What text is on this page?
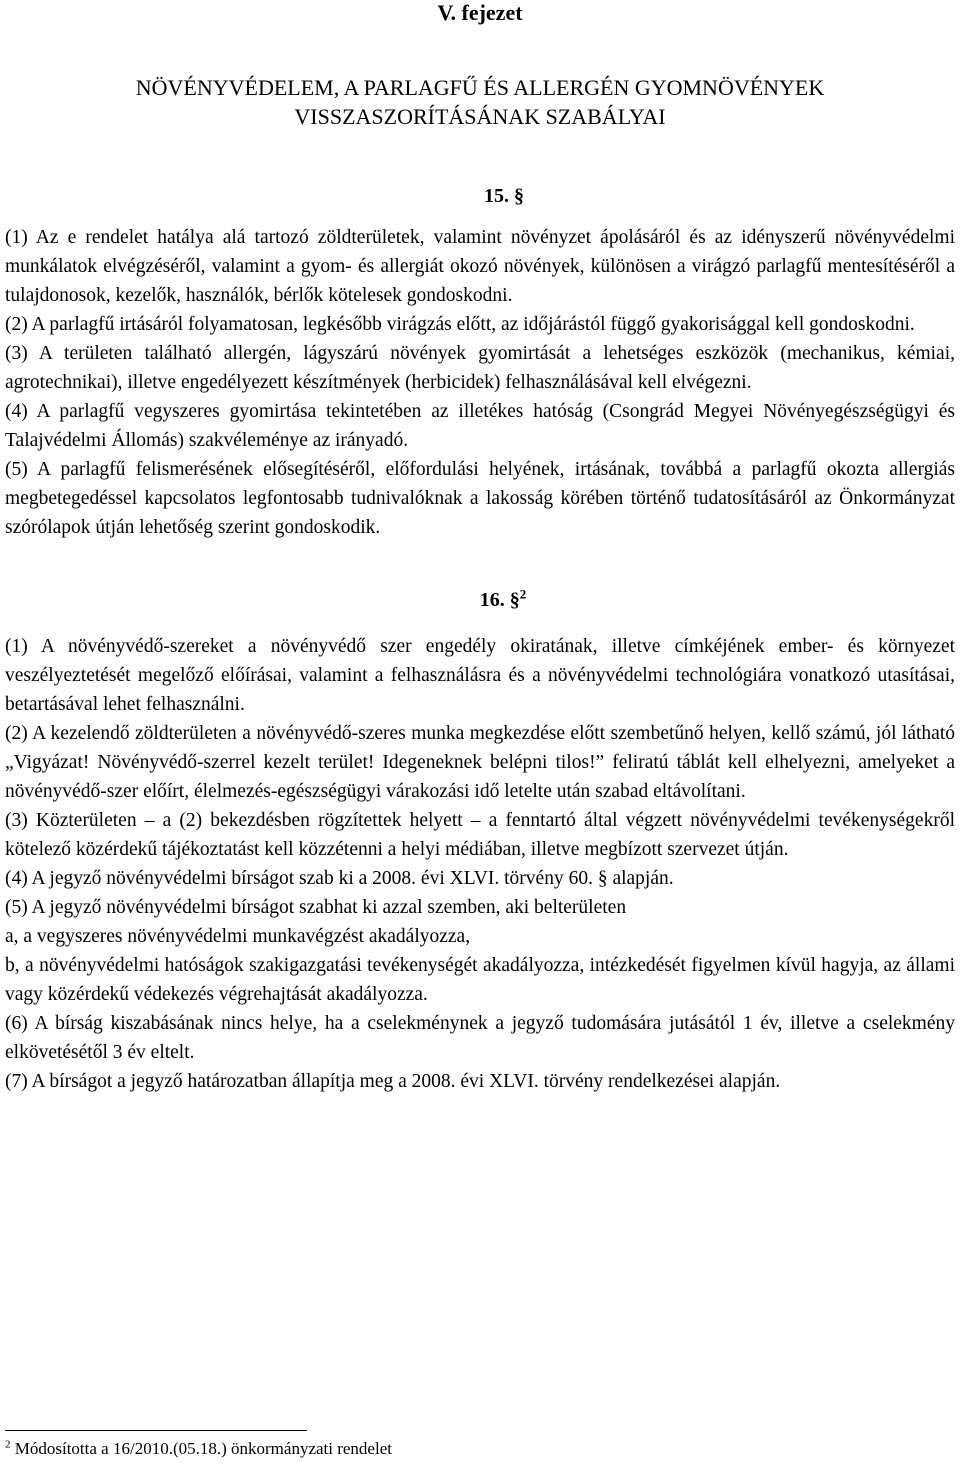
V. fejezet
NÖVÉNYVÉDELEM, A PARLAGFŰ ÉS ALLERGÉN GYOMNÖVÉNYEK
VISSZASZORÍTÁSÁNAK SZABÁLYAI
15. §

(1) Az e rendelet hatálya alá tartozó zöldterületek, valamint növényzet ápolásáról és az idényszerű növényvédelmi munkálatok elvégzéséről, valamint a gyom- és allergiát okozó növények, különösen a virágzó parlagfű mentesítéséről a tulajdonosok, kezelők, használók, bérlők kötelesek gondoskodni.

(2) A parlagfű irtásáról folyamatosan, legkésőbb virágzás előtt, az időjárástól függő gyakorisággal kell gondoskodni.

(3) A területen található allergén, lágyszárú növények gyomirtását a lehetséges eszközök (mechanikus, kémiai, agrotechnikai), illetve engedélyezett készítmények (herbicidek) felhasználásával kell elvégezni.

(4) A parlagfű vegyszeres gyomirtása tekintetében az illetékes hatóság (Csongrád Megyei Növényegészségügyi és Talajvédelmi Állomás) szakvéleménye az irányadó.

(5) A parlagfű felismerésének elősegítéséről, előfordulási helyének, irtásának, továbbá a parlagfű okozta allergiás megbetegedéssel kapcsolatos legfontosabb tudnivalóknak a lakosság körében történő tudatosításáról az Önkormányzat szórólapok útján lehetőség szerint gondoskodik.

16. §$^2$

(1) A növényvédő-szereket a növényvédő szer engedély okiratának, illetve címkéjének ember- és környezet veszélyeztetését megelőző előírásai, valamint a felhasználásra és a növényvédelmi technológiára vonatkozó utasításai, betartásával lehet felhasználni.

(2) A kezelendő zöldterületen a növényvédő-szeres munka megkezdése előtt szembetűnő helyen, kellő számú, jól látható „Vigyázat! Növényvédő-szerrel kezelt terület! Idegeneknek belépni tilos!” feliratú táblát kell elhelyezni, amelyeket a növényvédő-szer előírt, élelmezés-egészségügyi várakozási idő letelte után szabad eltávolítani.

(3) Közterületen – a (2) bekezdésben rögzítettek helyett – a fenntartó által végzett növényvédelmi tevékenységekről kötelező közérdekű tájékoztatást kell közzétenni a helyi médiában, illetve megbízott szervezet útján.

(4) A jegyző növényvédelmi bírságot szab ki a 2008. évi XLVI. törvény 60. § alapján.

(5) A jegyző növényvédelmi bírságot szabhat ki azzal szemben, aki belterületen

a, a vegyszeres növényvédelmi munkavégzést akadályozza,

b, a növényvédelmi hatóságok szakigazgatási tevékenységét akadályozza, intézkedését figyelmen kívül hagyja, az állami vagy közérdekű védekezés végrehajtását akadályozza.

(6) A bírság kiszabásának nincs helye, ha a cselekménynek a jegyző tudomására jutásától 1 év, illetve a cselekmény elkövetésétől 3 év eltelt.

(7) A bírságot a jegyző határozatban állapítja meg a 2008. évi XLVI. törvény rendelkezései alapján.

$^2$ Módosította a 16/2010.(05.18.) önkormányzati rendelet
